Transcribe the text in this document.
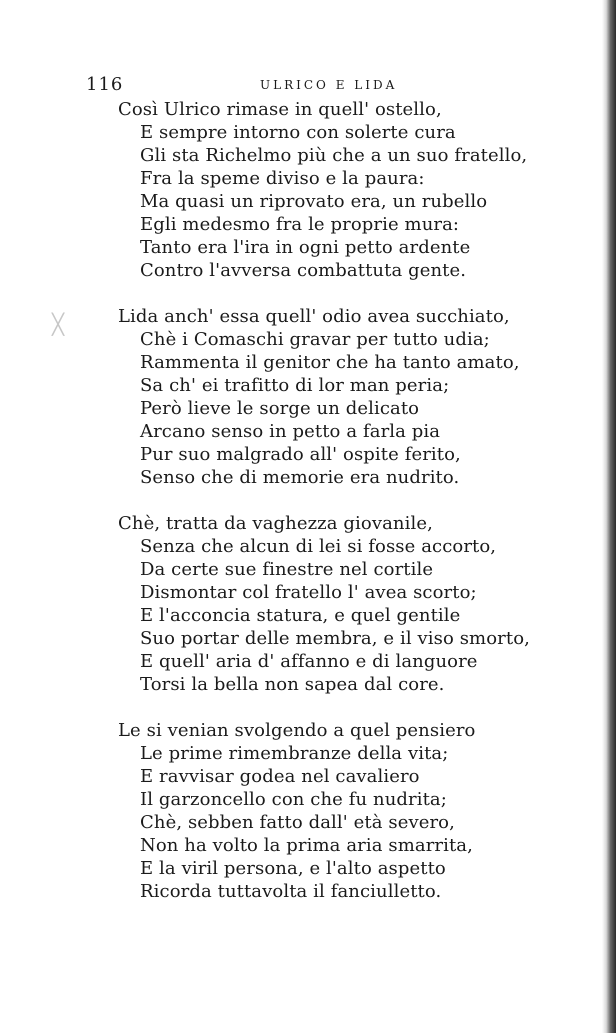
╳
116	ULRICO E LIDA
Così Ulrico rimase in quell' ostello,
E sempre intorno con solerte cura
Gli sta Richelmo più che a un suo fratello,
Fra la speme diviso e la paura:
Ma quasi un riprovato era, un rubello
Egli medesmo fra le proprie mura:
Tanto era l'ira in ogni petto ardente
Contro l'avversa combattuta gente.
Lida anch' essa quell' odio avea succhiato,
Chè i Comaschi gravar per tutto udia;
Rammenta il genitor che ha tanto amato,
Sa ch' ei trafitto di lor man peria;
Però lieve le sorge un delicato
Arcano senso in petto a farla pia
Pur suo malgrado all' ospite ferito,
Senso che di memorie era nudrito.
Chè, tratta da vaghezza giovanile,
Senza che alcun di lei si fosse accorto,
Da certe sue finestre nel cortile
Dismontar col fratello l' avea scorto;
E l'acconcia statura, e quel gentile
Suo portar delle membra, e il viso smorto,
E quell' aria d' affanno e di languore
Torsi la bella non sapea dal core.
Le si venian svolgendo a quel pensiero
Le prime rimembranze della vita;
E ravvisar godea nel cavaliero
Il garzoncello con che fu nudrita;
Chè, sebben fatto dall' età severo,
Non ha volto la prima aria smarrita,
E la viril persona, e l'alto aspetto
Ricorda tuttavolta il fanciulletto.
